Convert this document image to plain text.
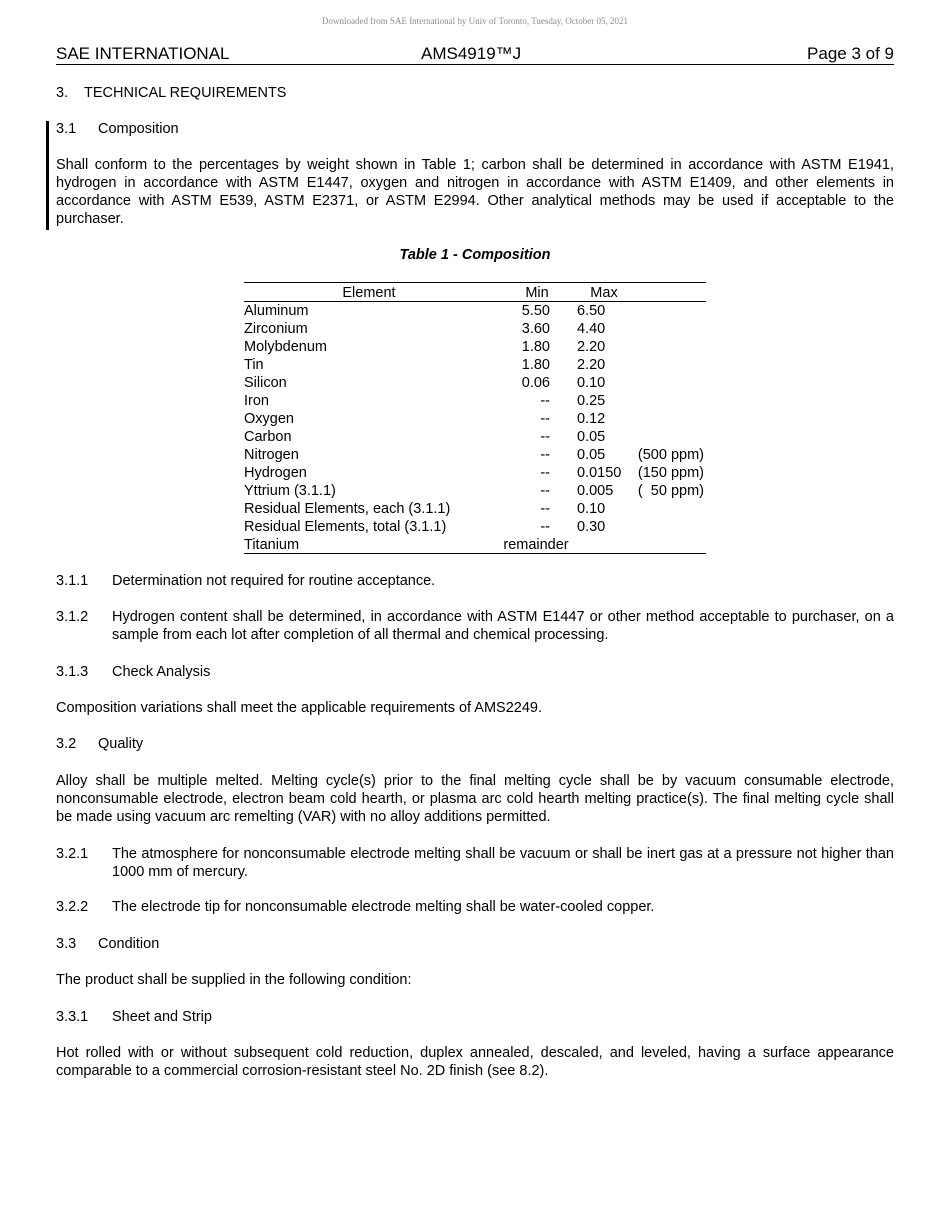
Downloaded from SAE International by Univ of Toronto, Tuesday, October 05, 2021
SAE INTERNATIONAL	AMS4919™J	Page 3 of 9
3. TECHNICAL REQUIREMENTS
3.1 Composition
Shall conform to the percentages by weight shown in Table 1; carbon shall be determined in accordance with ASTM E1941, hydrogen in accordance with ASTM E1447, oxygen and nitrogen in accordance with ASTM E1409, and other elements in accordance with ASTM E539, ASTM E2371, or ASTM E2994. Other analytical methods may be used if acceptable to the purchaser.
Table 1 - Composition
Element	Min	Max
Aluminum	5.50 6.50
Zirconium	3.60 4.40
Molybdenum	1.80 2.20
Tin	1.80 2.20
Silicon	0.06 0.10
Iron	-- 0.25
Oxygen	-- 0.12
Carbon	-- 0.05
Nitrogen	-- 0.05 (500 ppm)
Hydrogen	-- 0.0150 (150 ppm)
Yttrium (3.1.1)	-- 0.005 (  50 ppm)
Residual Elements, each (3.1.1)	-- 0.10
Residual Elements, total (3.1.1)	-- 0.30
Titanium	remainder
3.1.1 Determination not required for routine acceptance.
3.1.2	Hydrogen content shall be determined, in accordance with ASTM E1447 or other method acceptable to purchaser, on a sample from each lot after completion of all thermal and chemical processing.
3.1.3 Check Analysis
Composition variations shall meet the applicable requirements of AMS2249.
3.2 Quality
Alloy shall be multiple melted. Melting cycle(s) prior to the final melting cycle shall be by vacuum consumable electrode, nonconsumable electrode, electron beam cold hearth, or plasma arc cold hearth melting practice(s). The final melting cycle shall be made using vacuum arc remelting (VAR) with no alloy additions permitted.
3.2.1	The atmosphere for nonconsumable electrode melting shall be vacuum or shall be inert gas at a pressure not higher than 1000 mm of mercury.
3.2.2 The electrode tip for nonconsumable electrode melting shall be water-cooled copper.
3.3 Condition
The product shall be supplied in the following condition:
3.3.1 Sheet and Strip
Hot rolled with or without subsequent cold reduction, duplex annealed, descaled, and leveled, having a surface appearance comparable to a commercial corrosion-resistant steel No. 2D finish (see 8.2).
